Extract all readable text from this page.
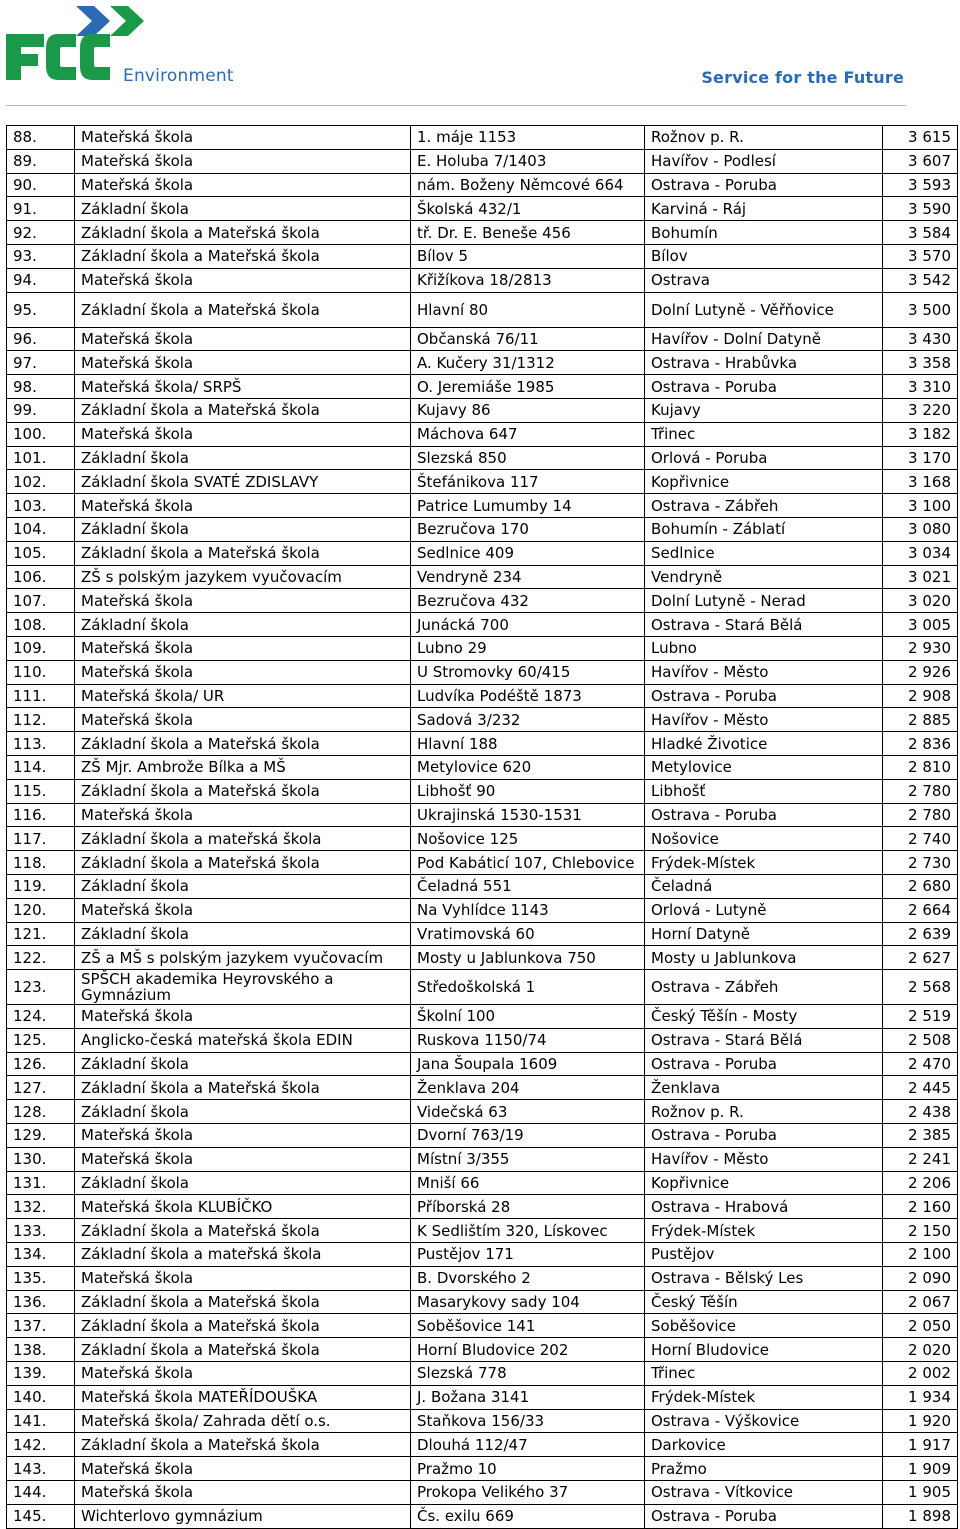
Environment	Service for the Future
88.	Mateřská škola	1. máje 1153	Rožnov p. R.	3 615
89.	Mateřská škola	E. Holuba 7/1403	Havířov - Podlesí	3 607
90.	Mateřská škola	nám. Boženy Němcové 664	Ostrava - Poruba	3 593
91.	Základní škola	Školská 432/1	Karviná - Ráj	3 590
92.	Základní škola a Mateřská škola	tř. Dr. E. Beneše 456	Bohumín	3 584
93.	Základní škola a Mateřská škola	Bílov 5	Bílov	3 570
94.	Mateřská škola	Křižíkova 18/2813	Ostrava	3 542
95.	Základní škola a Mateřská škola	Hlavní 80	Dolní Lutyně - Věřňovice	3 500
96.	Mateřská škola	Občanská 76/11	Havířov - Dolní Datyně	3 430
97.	Mateřská škola	A. Kučery 31/1312	Ostrava - Hrabůvka	3 358
98.	Mateřská škola/ SRPŠ	O. Jeremiáše 1985	Ostrava - Poruba	3 310
99.	Základní škola a Mateřská škola	Kujavy 86	Kujavy	3 220
100.	Mateřská škola	Máchova 647	Třinec	3 182
101.	Základní škola	Slezská 850	Orlová - Poruba	3 170
102.	Základní škola SVATÉ ZDISLAVY	Štefánikova 117	Kopřivnice	3 168
103.	Mateřská škola	Patrice Lumumby 14	Ostrava - Zábřeh	3 100
104.	Základní škola	Bezručova 170	Bohumín - Záblatí	3 080
105.	Základní škola a Mateřská škola	Sedlnice 409	Sedlnice	3 034
106.	ZŠ s polským jazykem vyučovacím	Vendryně 234	Vendryně	3 021
107.	Mateřská škola	Bezručova 432	Dolní Lutyně - Nerad	3 020
108.	Základní škola	Junácká 700	Ostrava - Stará Bělá	3 005
109.	Mateřská škola	Lubno 29	Lubno	2 930
110.	Mateřská škola	U Stromovky 60/415	Havířov - Město	2 926
111.	Mateřská škola/ UR	Ludvíka Podéště 1873	Ostrava - Poruba	2 908
112.	Mateřská škola	Sadová 3/232	Havířov - Město	2 885
113.	Základní škola a Mateřská škola	Hlavní 188	Hladké Životice	2 836
114.	ZŠ Mjr. Ambrože Bílka a MŠ	Metylovice 620	Metylovice	2 810
115.	Základní škola a Mateřská škola	Libhošť 90	Libhošť	2 780
116.	Mateřská škola	Ukrajinská 1530-1531	Ostrava - Poruba	2 780
117.	Základní škola a mateřská škola	Nošovice 125	Nošovice	2 740
118.	Základní škola a Mateřská škola	Pod Kabáticí 107, Chlebovice	Frýdek-Místek	2 730
119.	Základní škola	Čeladná 551	Čeladná	2 680
120.	Mateřská škola	Na Vyhlídce 1143	Orlová - Lutyně	2 664
121.	Základní škola	Vratimovská 60	Horní Datyně	2 639
122.	ZŠ a MŠ s polským jazykem vyučovacím	Mosty u Jablunkova 750	Mosty u Jablunkova	2 627
123.	SPŠCH akademika Heyrovského a Gymnázium	Středoškolská 1	Ostrava - Zábřeh	2 568
124.	Mateřská škola	Školní 100	Český Těšín - Mosty	2 519
125.	Anglicko-česká mateřská škola EDIN	Ruskova 1150/74	Ostrava - Stará Bělá	2 508
126.	Základní škola	Jana Šoupala 1609	Ostrava - Poruba	2 470
127.	Základní škola a Mateřská škola	Ženklava 204	Ženklava	2 445
128.	Základní škola	Videčská 63	Rožnov p. R.	2 438
129.	Mateřská škola	Dvorní 763/19	Ostrava - Poruba	2 385
130.	Mateřská škola	Místní 3/355	Havířov - Město	2 241
131.	Základní škola	Mniší 66	Kopřivnice	2 206
132.	Mateřská škola KLUBÍČKO	Příborská 28	Ostrava - Hrabová	2 160
133.	Základní škola a Mateřská škola	K Sedlištím 320, Lískovec	Frýdek-Místek	2 150
134.	Základní škola a mateřská škola	Pustějov 171	Pustějov	2 100
135.	Mateřská škola	B. Dvorského 2	Ostrava - Bělský Les	2 090
136.	Základní škola a Mateřská škola	Masarykovy sady 104	Český Těšín	2 067
137.	Základní škola a Mateřská škola	Soběšovice 141	Soběšovice	2 050
138.	Základní škola a Mateřská škola	Horní Bludovice 202	Horní Bludovice	2 020
139.	Mateřská škola	Slezská 778	Třinec	2 002
140.	Mateřská škola MATEŘÍDOUŠKA	J. Božana 3141	Frýdek-Místek	1 934
141.	Mateřská škola/ Zahrada dětí o.s.	Staňkova 156/33	Ostrava - Výškovice	1 920
142.	Základní škola a Mateřská škola	Dlouhá 112/47	Darkovice	1 917
143.	Mateřská škola	Pražmo 10	Pražmo	1 909
144.	Mateřská škola	Prokopa Velikého 37	Ostrava - Vítkovice	1 905
145.	Wichterlovo gymnázium	Čs. exilu 669	Ostrava - Poruba	1 898
